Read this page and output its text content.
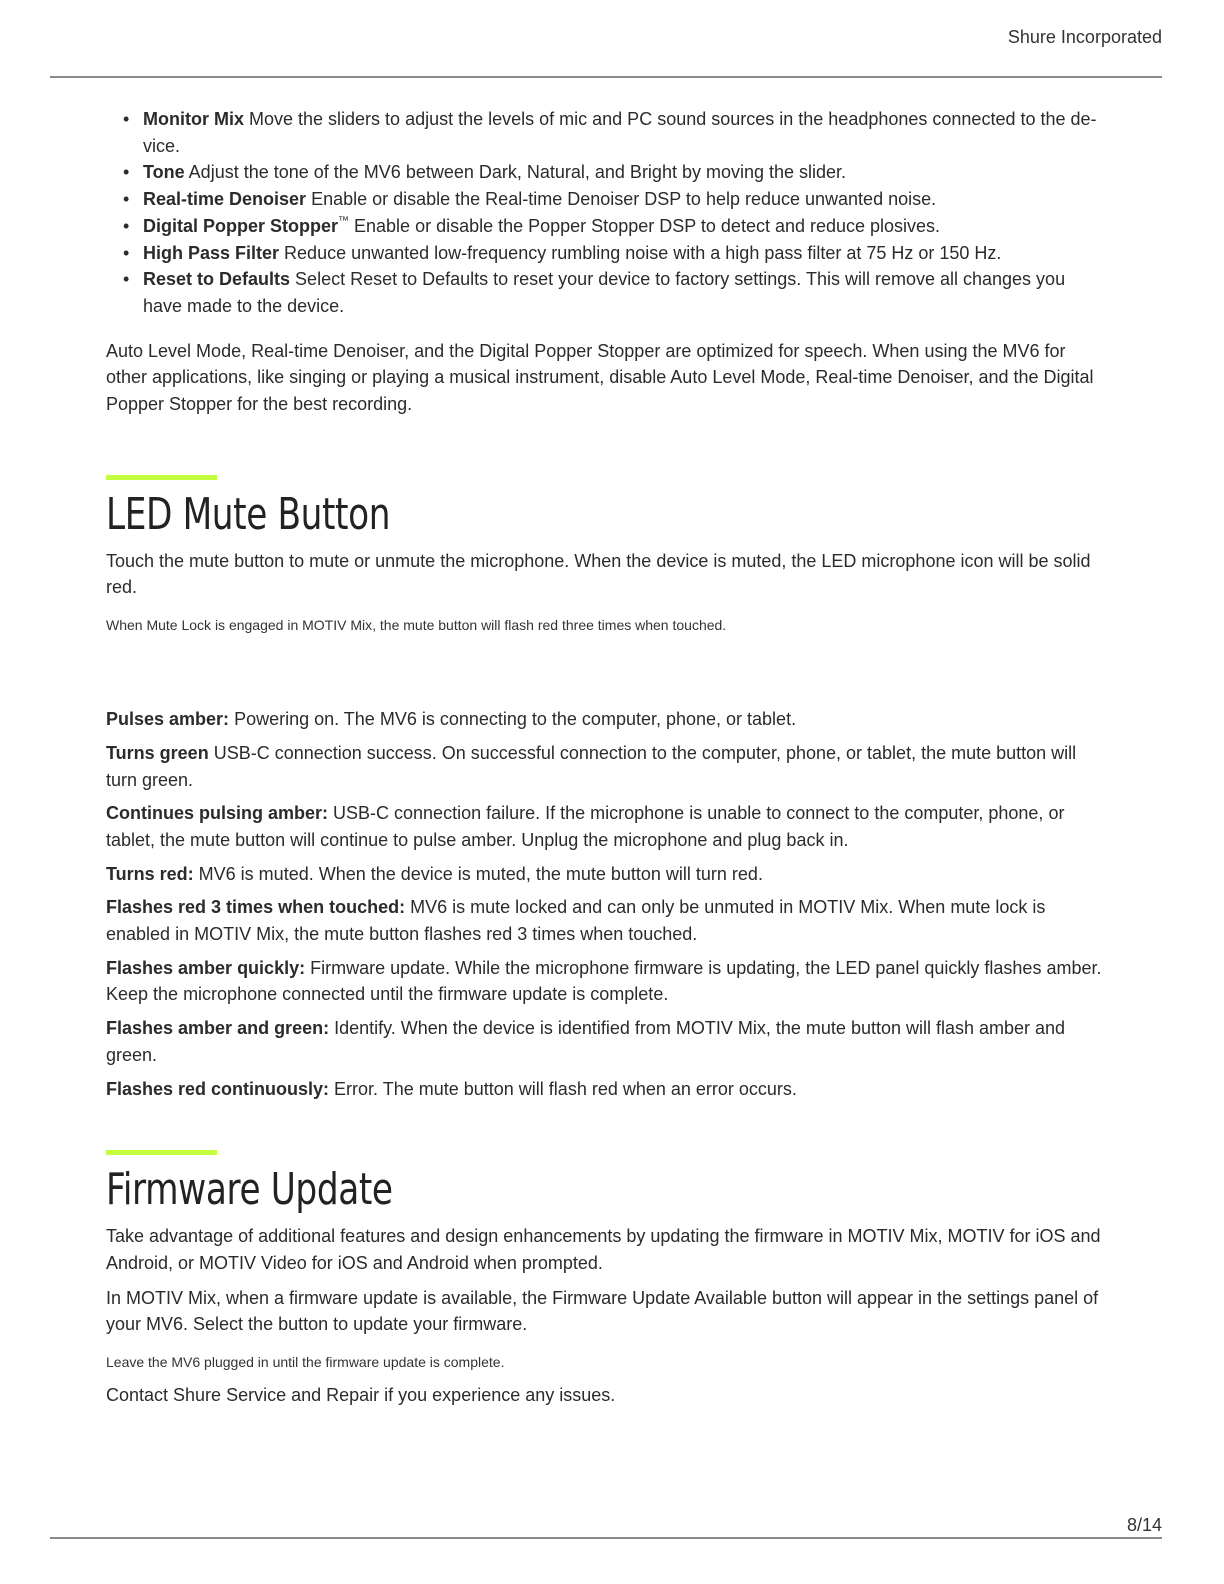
Shure Incorporated

• Monitor Mix Move the sliders to adjust the levels of mic and PC sound sources in the headphones connected to the de-vice.
• Tone Adjust the tone of the MV6 between Dark, Natural, and Bright by moving the slider.
• Real-time Denoiser Enable or disable the Real-time Denoiser DSP to help reduce unwanted noise.
• Digital Popper Stopper™ Enable or disable the Popper Stopper DSP to detect and reduce plosives.
• High Pass Filter Reduce unwanted low-frequency rumbling noise with a high pass filter at 75 Hz or 150 Hz.
• Reset to Defaults Select Reset to Defaults to reset your device to factory settings. This will remove all changes you have made to the device.

Auto Level Mode, Real-time Denoiser, and the Digital Popper Stopper are optimized for speech. When using the MV6 for other applications, like singing or playing a musical instrument, disable Auto Level Mode, Real-time Denoiser, and the Digital Popper Stopper for the best recording.

LED Mute Button

Touch the mute button to mute or unmute the microphone. When the device is muted, the LED microphone icon will be solid red.

When Mute Lock is engaged in MOTIV Mix, the mute button will flash red three times when touched.

Pulses amber: Powering on. The MV6 is connecting to the computer, phone, or tablet.

Turns green USB-C connection success. On successful connection to the computer, phone, or tablet, the mute button will turn green.

Continues pulsing amber: USB-C connection failure. If the microphone is unable to connect to the computer, phone, or tablet, the mute button will continue to pulse amber. Unplug the microphone and plug back in.

Turns red: MV6 is muted. When the device is muted, the mute button will turn red.

Flashes red 3 times when touched: MV6 is mute locked and can only be unmuted in MOTIV Mix. When mute lock is enabled in MOTIV Mix, the mute button flashes red 3 times when touched.

Flashes amber quickly: Firmware update. While the microphone firmware is updating, the LED panel quickly flashes amber. Keep the microphone connected until the firmware update is complete.

Flashes amber and green: Identify. When the device is identified from MOTIV Mix, the mute button will flash amber and green.

Flashes red continuously: Error. The mute button will flash red when an error occurs.

Firmware Update

Take advantage of additional features and design enhancements by updating the firmware in MOTIV Mix, MOTIV for iOS and Android, or MOTIV Video for iOS and Android when prompted.

In MOTIV Mix, when a firmware update is available, the Firmware Update Available button will appear in the settings panel of your MV6. Select the button to update your firmware.

Leave the MV6 plugged in until the firmware update is complete.

Contact Shure Service and Repair if you experience any issues.

8/14
